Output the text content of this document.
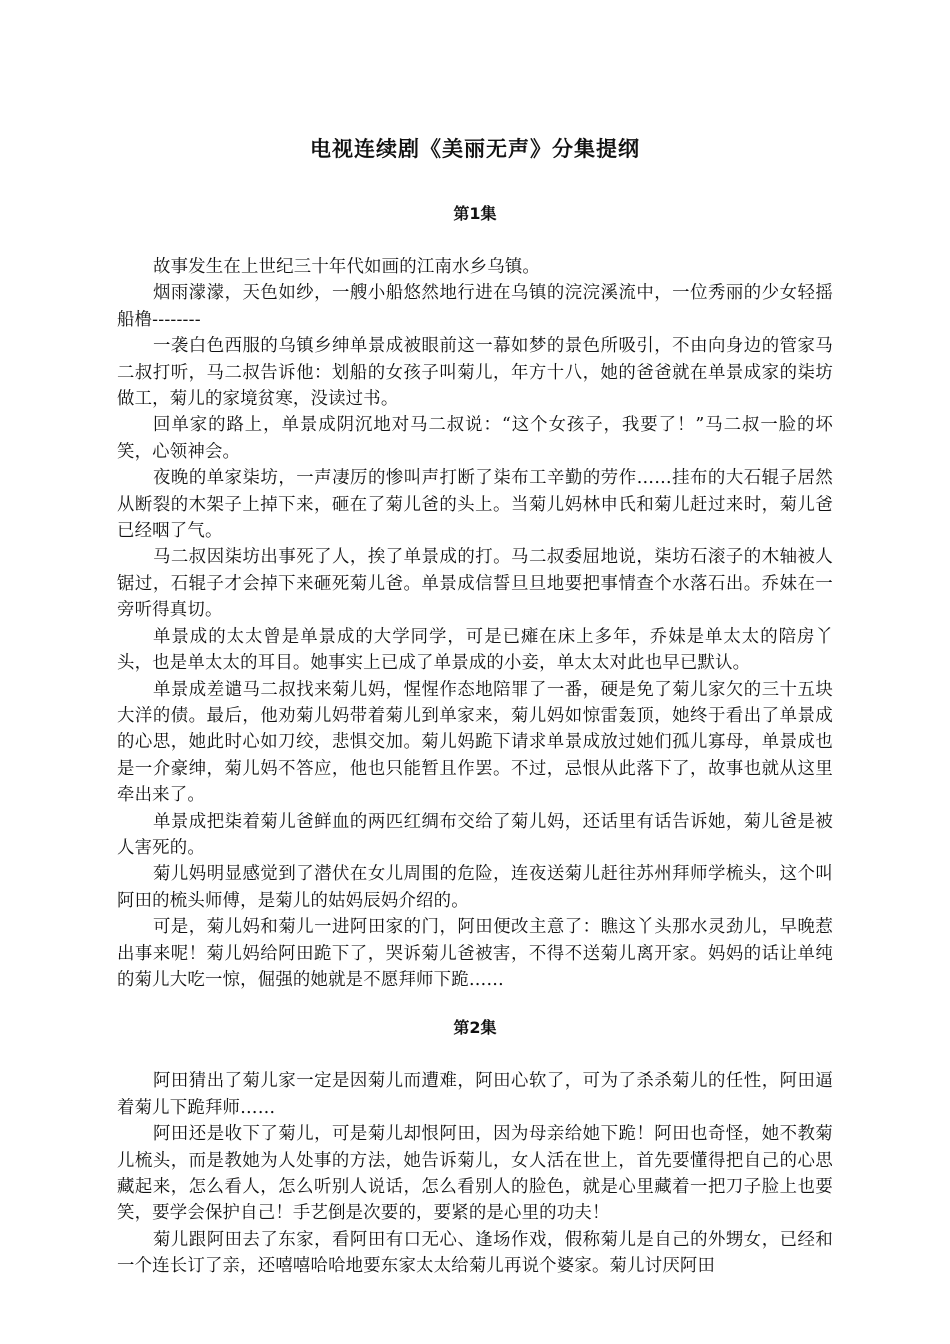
电视连续剧《美丽无声》分集提纲
第1集

故事发生在上世纪三十年代如画的江南水乡乌镇。

烟雨濛濛，天色如纱，一艘小船悠然地行进在乌镇的浣浣溪流中，一位秀丽的少女轻摇船橹--------

一袭白色西服的乌镇乡绅单景成被眼前这一幕如梦的景色所吸引，不由向身边的管家马二叔打听，马二叔告诉他：划船的女孩子叫菊儿，年方十八，她的爸爸就在单景成家的柒坊做工，菊儿的家境贫寒，没读过书。

回单家的路上，单景成阴沉地对马二叔说：“这个女孩子，我要了！”马二叔一脸的坏笑，心领神会。

夜晚的单家柒坊，一声凄厉的惨叫声打断了柒布工辛勤的劳作……挂布的大石辊子居然从断裂的木架子上掉下来，砸在了菊儿爸的头上。当菊儿妈林申氏和菊儿赶过来时，菊儿爸已经咽了气。

马二叔因柒坊出事死了人，挨了单景成的打。马二叔委屈地说，柒坊石滚子的木轴被人锯过，石辊子才会掉下来砸死菊儿爸。单景成信誓旦旦地要把事情查个水落石出。乔妹在一旁听得真切。

单景成的太太曾是单景成的大学同学，可是已瘫在床上多年，乔妹是单太太的陪房丫头，也是单太太的耳目。她事实上已成了单景成的小妾，单太太对此也早已默认。

单景成差谴马二叔找来菊儿妈，惺惺作态地陪罪了一番，硬是免了菊儿家欠的三十五块大洋的债。最后，他劝菊儿妈带着菊儿到单家来，菊儿妈如惊雷轰顶，她终于看出了单景成的心思，她此时心如刀绞，悲惧交加。菊儿妈跪下请求单景成放过她们孤儿寡母，单景成也是一介豪绅，菊儿妈不答应，他也只能暂且作罢。不过，忌恨从此落下了，故事也就从这里牵出来了。

单景成把柒着菊儿爸鲜血的两匹红绸布交给了菊儿妈，还话里有话告诉她，菊儿爸是被人害死的。

菊儿妈明显感觉到了潜伏在女儿周围的危险，连夜送菊儿赶往苏州拜师学梳头，这个叫阿田的梳头师傅，是菊儿的姑妈辰妈介绍的。

可是，菊儿妈和菊儿一进阿田家的门，阿田便改主意了：瞧这丫头那水灵劲儿，早晚惹出事来呢！菊儿妈给阿田跪下了，哭诉菊儿爸被害，不得不送菊儿离开家。妈妈的话让单纯的菊儿大吃一惊，倔强的她就是不愿拜师下跪……

第2集

阿田猜出了菊儿家一定是因菊儿而遭难，阿田心软了，可为了杀杀菊儿的任性，阿田逼着菊儿下跪拜师……

阿田还是收下了菊儿，可是菊儿却恨阿田，因为母亲给她下跪！阿田也奇怪，她不教菊儿梳头，而是教她为人处事的方法，她告诉菊儿，女人活在世上，首先要懂得把自己的心思藏起来，怎么看人，怎么听别人说话，怎么看别人的脸色，就是心里藏着一把刀子脸上也要笑，要学会保护自己！手艺倒是次要的，要紧的是心里的功夫！

菊儿跟阿田去了东家，看阿田有口无心、逢场作戏，假称菊儿是自己的外甥女，已经和一个连长订了亲，还嘻嘻哈哈地要东家太太给菊儿再说个婆家。菊儿讨厌阿田
